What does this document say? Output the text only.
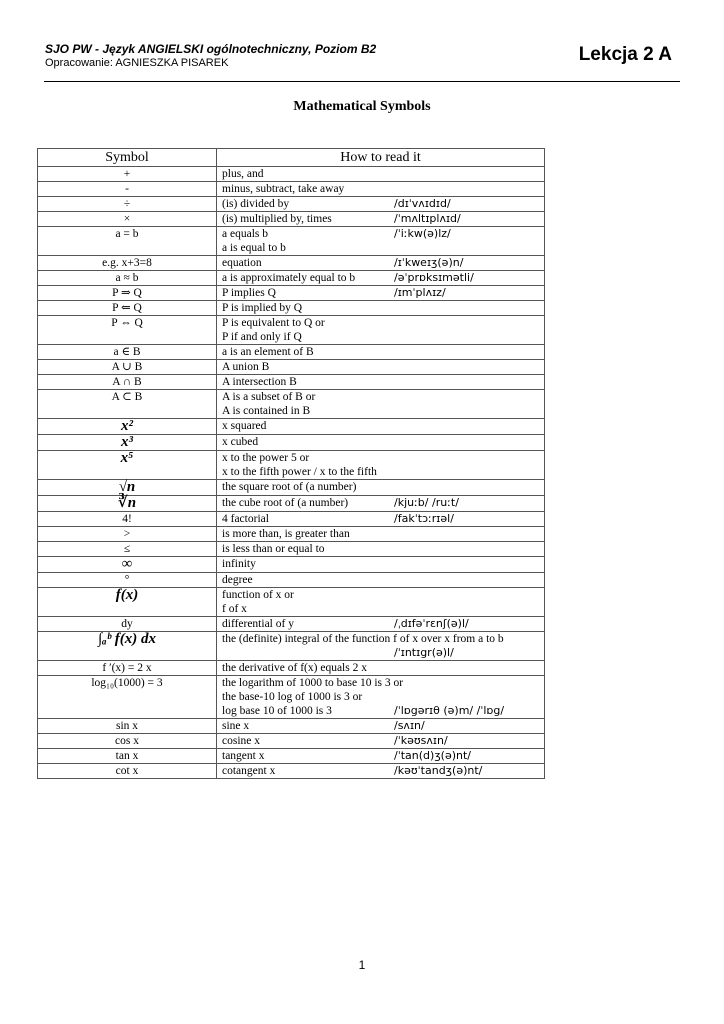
SJO PW - Język ANGIELSKI ogólnotechniczny, Poziom B2
Opracowanie: AGNIESZKA PISAREK	Lekcja 2 A
Mathematical Symbols
Symbol	How to read it
+	plus, and

-	minus, subtract, take away

÷	(is) divided by /dɪˈvʌɪdɪd/

×	(is) multiplied by, times /ˈmʌltɪplʌɪd/

a = b	a equals b /ˈiːkw(ə)lz/
a is equal to b

e.g. x+3=8	equation /ɪˈkweɪʒ(ə)n/

a ≈ b	a is approximately equal to b /əˈprɒksɪmətli/

P ⇒ Q	P implies Q /ɪmˈplʌɪz/

P ⇐ Q	P is implied by Q

P ⇔ Q	P is equivalent to Q or
P if and only if Q

a ∈ B	a is an element of B

A ∪ B	A union B

A ∩ B	A intersection B

A ⊂ B	A is a subset of B or
A is contained in B

x²	x squared

x³	x cubed

x⁵	x to the power 5 or
x to the fifth power / x to the fifth

√n	the square root of (a number)

∛n	the cube root of (a number) /kjuːb/ /ruːt/

4!	4 factorial /fakˈtɔːrɪəl/

>	is more than, is greater than

≤	is less than or equal to

∞	infinity

°	degree

f(x)	function of x or
f of x

dy	differential of y /ˌdɪfəˈrɛnʃ(ə)l/

∫ₐᵇ f(x) dx	the (definite) integral of the function f of x over x from a to b
/ˈɪntɪgr(ə)l/

f ′(x) = 2 x	the derivative of f(x) equals 2 x

log₁₀(1000) = 3	the logarithm of 1000 to base 10 is 3 or
the base-10 log of 1000 is 3 or
log base 10 of 1000 is 3 /ˈlɒgərɪθ (ə)m/ /ˈlɒg/

sin x	sine x /sʌɪn/

cos x	cosine x /ˈkəʊsʌɪn/

tan x	tangent x /ˈtan(d)ʒ(ə)nt/

cot x	cotangent x /kəʊˈtandʒ(ə)nt/
1
